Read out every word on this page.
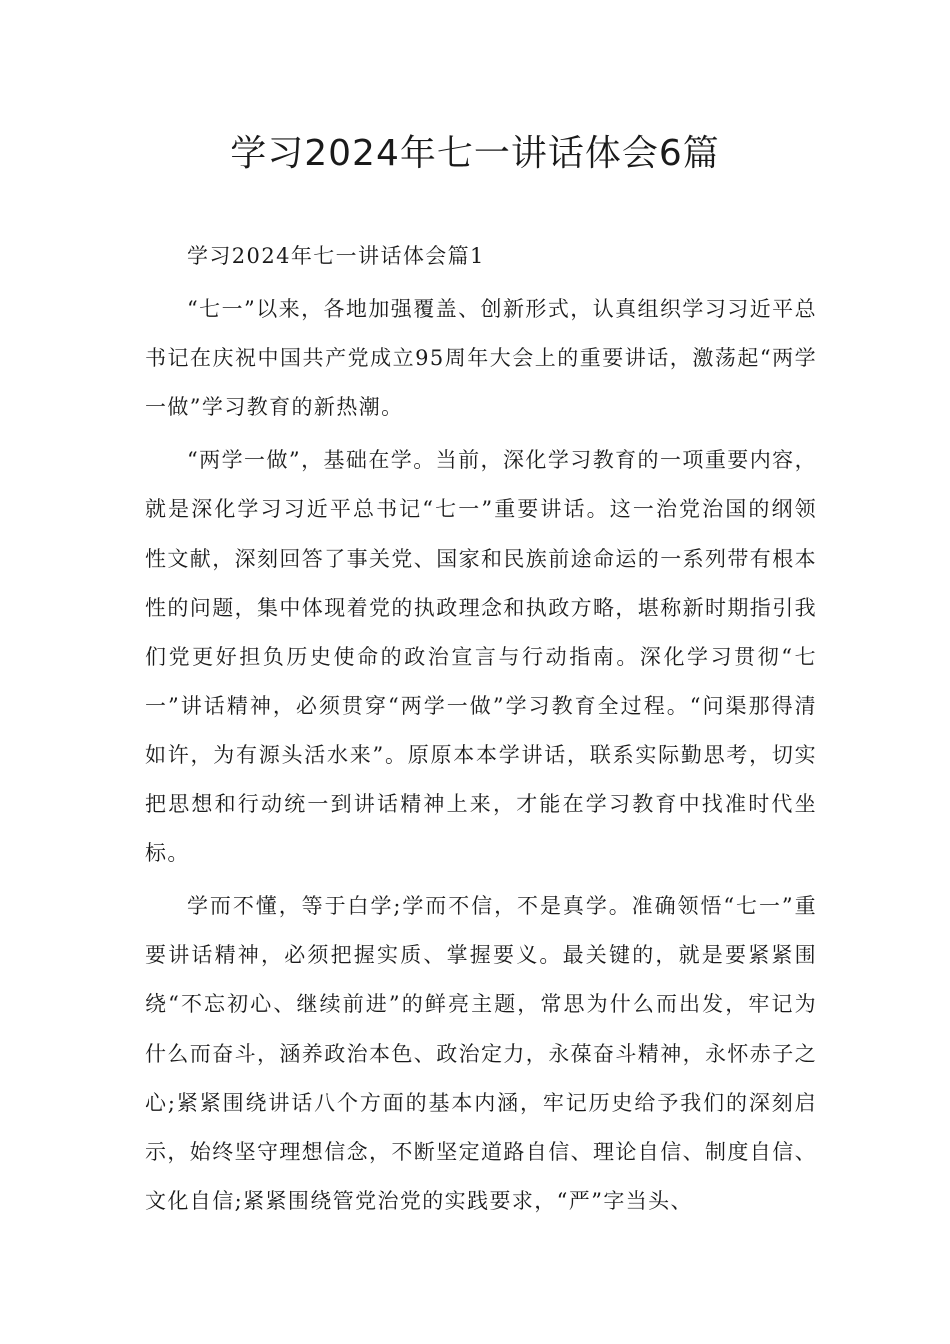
学习2024年七一讲话体会6篇

学习2024年七一讲话体会篇1

“七一”以来，各地加强覆盖、创新形式，认真组织学习习近平总书记在庆祝中国共产党成立95周年大会上的重要讲话，激荡起“两学一做”学习教育的新热潮。

“两学一做”，基础在学。当前，深化学习教育的一项重要内容，就是深化学习习近平总书记“七一”重要讲话。这一治党治国的纲领性文献，深刻回答了事关党、国家和民族前途命运的一系列带有根本性的问题，集中体现着党的执政理念和执政方略，堪称新时期指引我们党更好担负历史使命的政治宣言与行动指南。深化学习贯彻“七一”讲话精神，必须贯穿“两学一做”学习教育全过程。“问渠那得清如许，为有源头活水来”。原原本本学讲话，联系实际勤思考，切实把思想和行动统一到讲话精神上来，才能在学习教育中找准时代坐标。

学而不懂，等于白学;学而不信，不是真学。准确领悟“七一”重要讲话精神，必须把握实质、掌握要义。最关键的，就是要紧紧围绕“不忘初心、继续前进”的鲜亮主题，常思为什么而出发，牢记为什么而奋斗，涵养政治本色、政治定力，永葆奋斗精神，永怀赤子之心;紧紧围绕讲话八个方面的基本内涵，牢记历史给予我们的深刻启示，始终坚守理想信念，不断坚定道路自信、理论自信、制度自信、文化自信;紧紧围绕管党治党的实践要求，“严”字当头、
